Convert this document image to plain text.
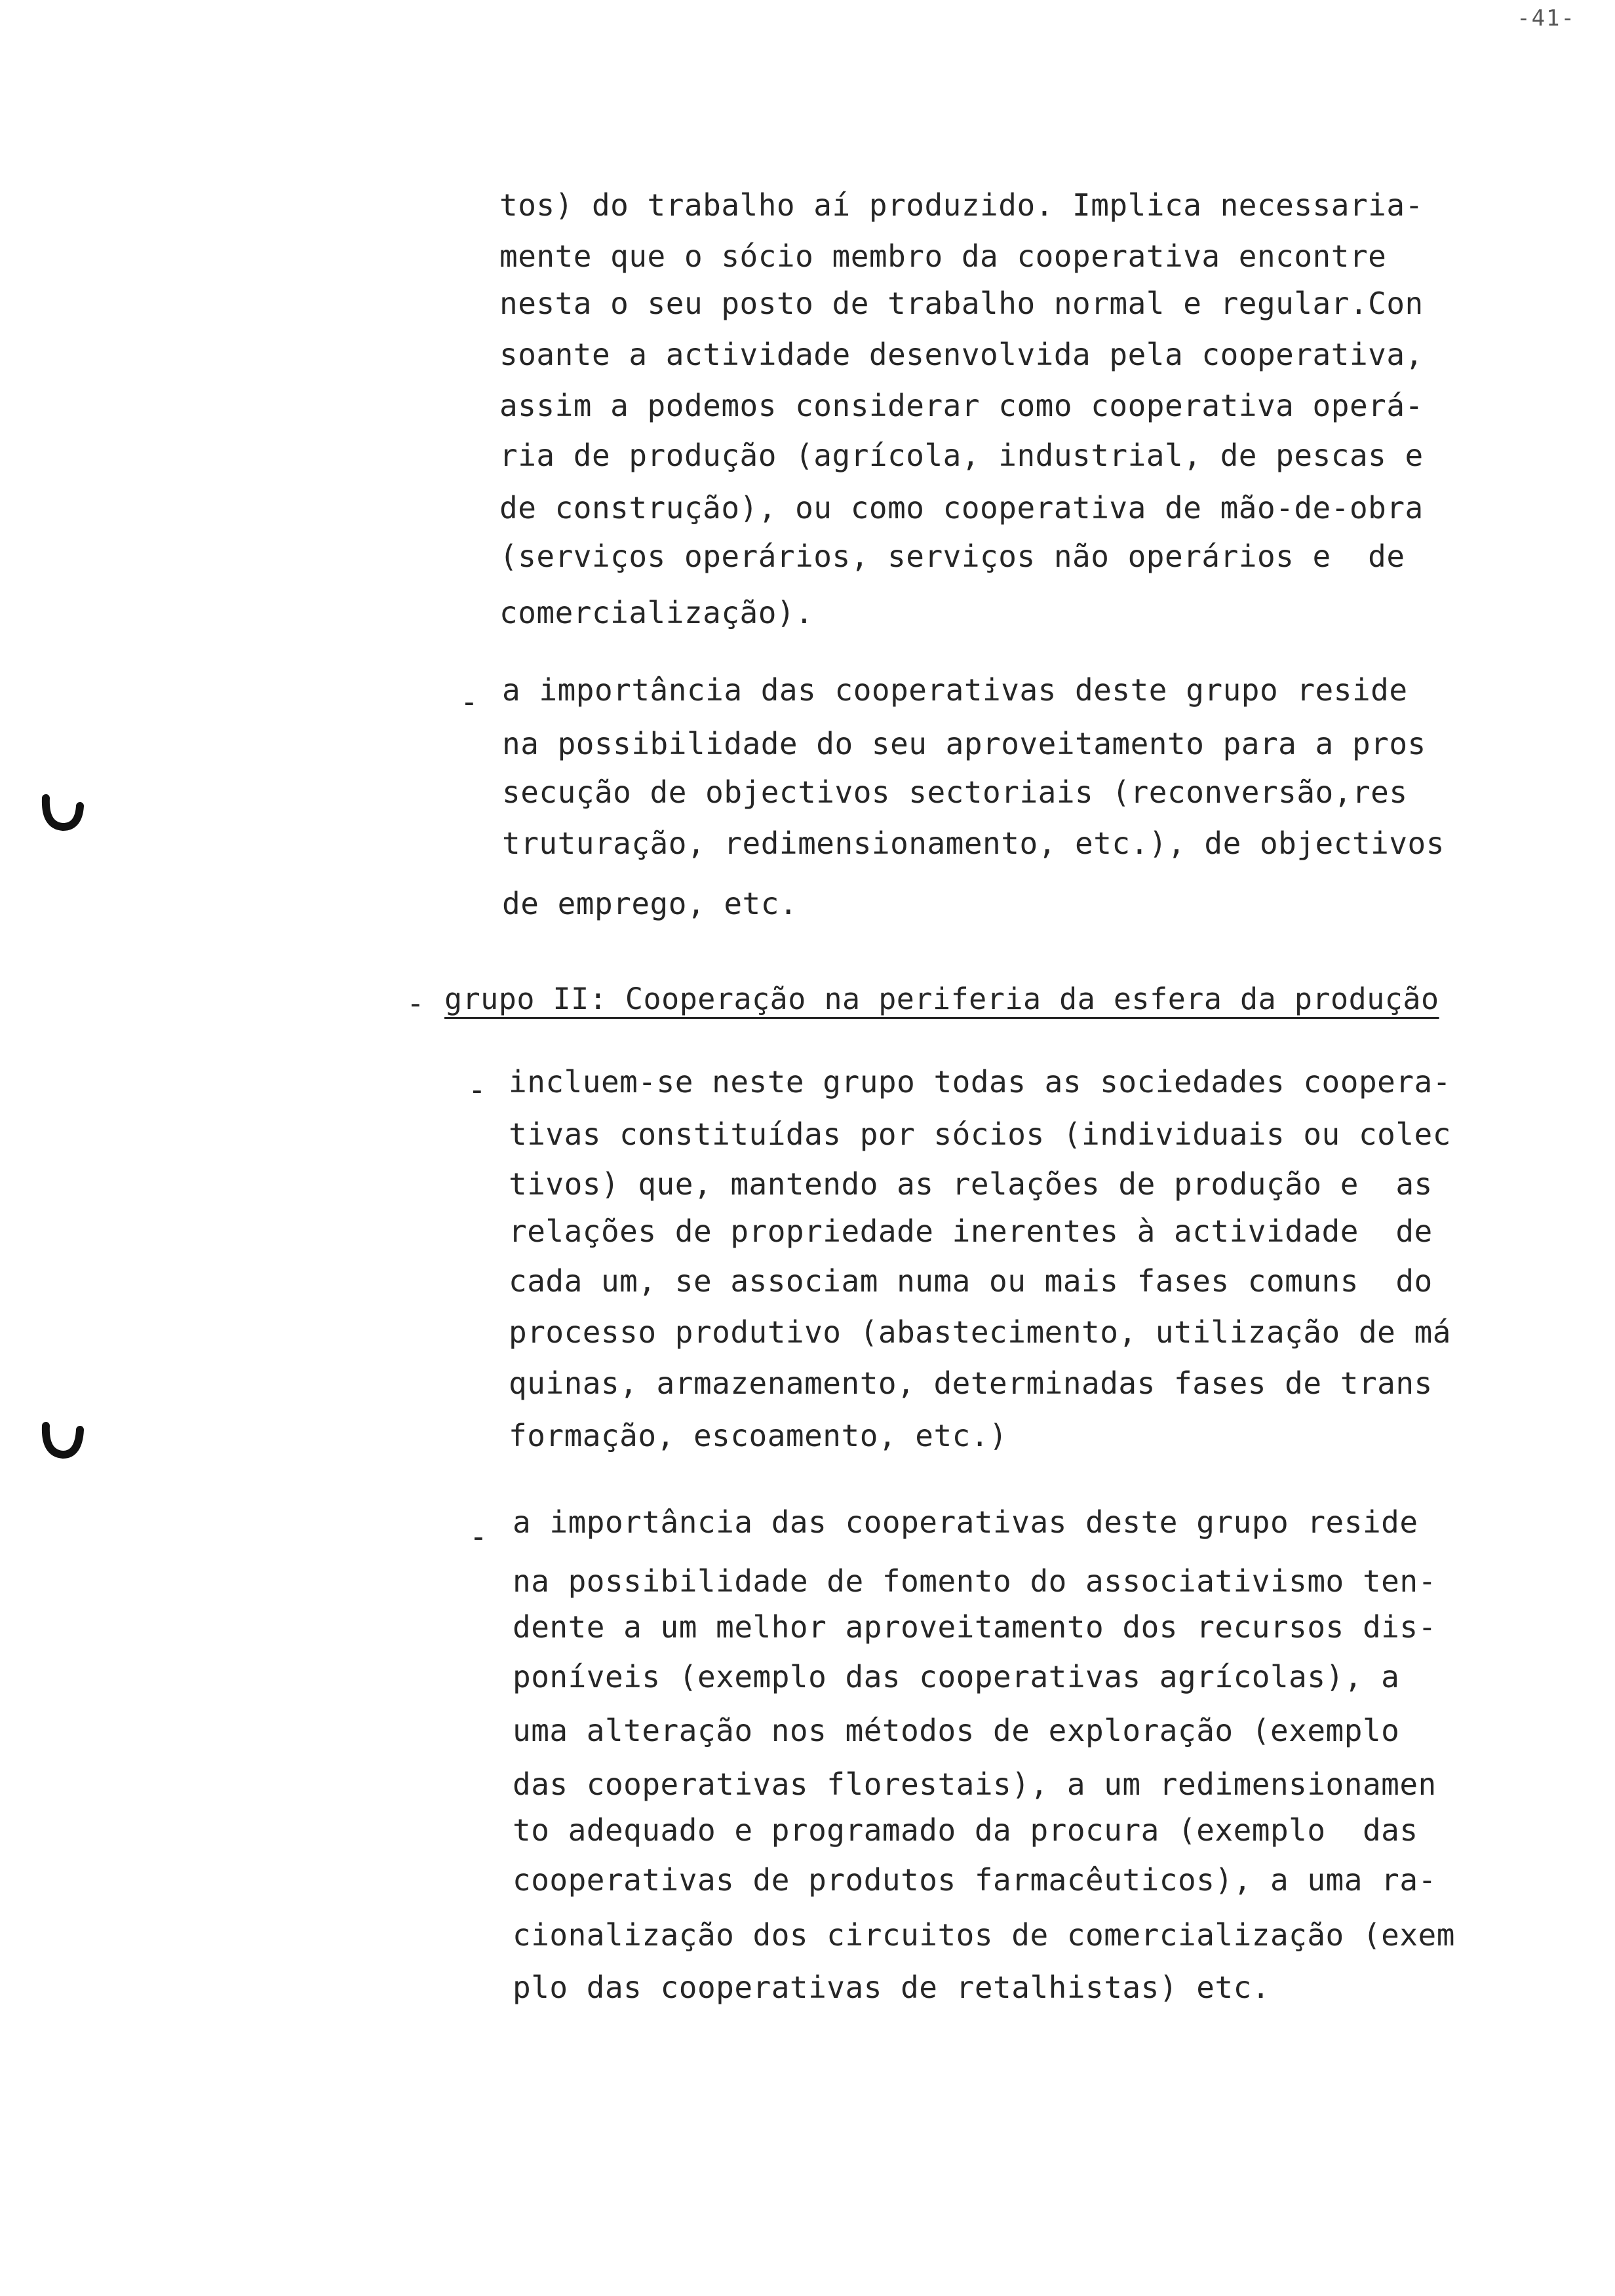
-41-
tos) do trabalho aí produzido. Implica necessaria-
mente que o sócio membro da cooperativa encontre
nesta o seu posto de trabalho normal e regular.Con
soante a actividade desenvolvida pela cooperativa,
assim a podemos considerar como cooperativa operá-
ria de produção (agrícola, industrial, de pescas e
de construção), ou como cooperativa de mão-de-obra
(serviços operários, serviços não operários e  de
comercialização).
- a importância das cooperativas deste grupo reside
na possibilidade do seu aproveitamento para a pros
secução de objectivos sectoriais (reconversão,res
truturação, redimensionamento, etc.), de objectivos
de emprego, etc.
- grupo II: Cooperação na periferia da esfera da produção
- incluem-se neste grupo todas as sociedades coopera-
tivas constituídas por sócios (individuais ou colec
tivos) que, mantendo as relações de produção e  as
relações de propriedade inerentes à actividade  de
cada um, se associam numa ou mais fases comuns  do
processo produtivo (abastecimento, utilização de má
quinas, armazenamento, determinadas fases de trans
formação, escoamento, etc.)
- a importância das cooperativas deste grupo reside
na possibilidade de fomento do associativismo ten-
dente a um melhor aproveitamento dos recursos dis-
poníveis (exemplo das cooperativas agrícolas), a
uma alteração nos métodos de exploração (exemplo
das cooperativas florestais), a um redimensionamen
to adequado e programado da procura (exemplo  das
cooperativas de produtos farmacêuticos), a uma ra-
cionalização dos circuitos de comercialização (exem
plo das cooperativas de retalhistas) etc.
